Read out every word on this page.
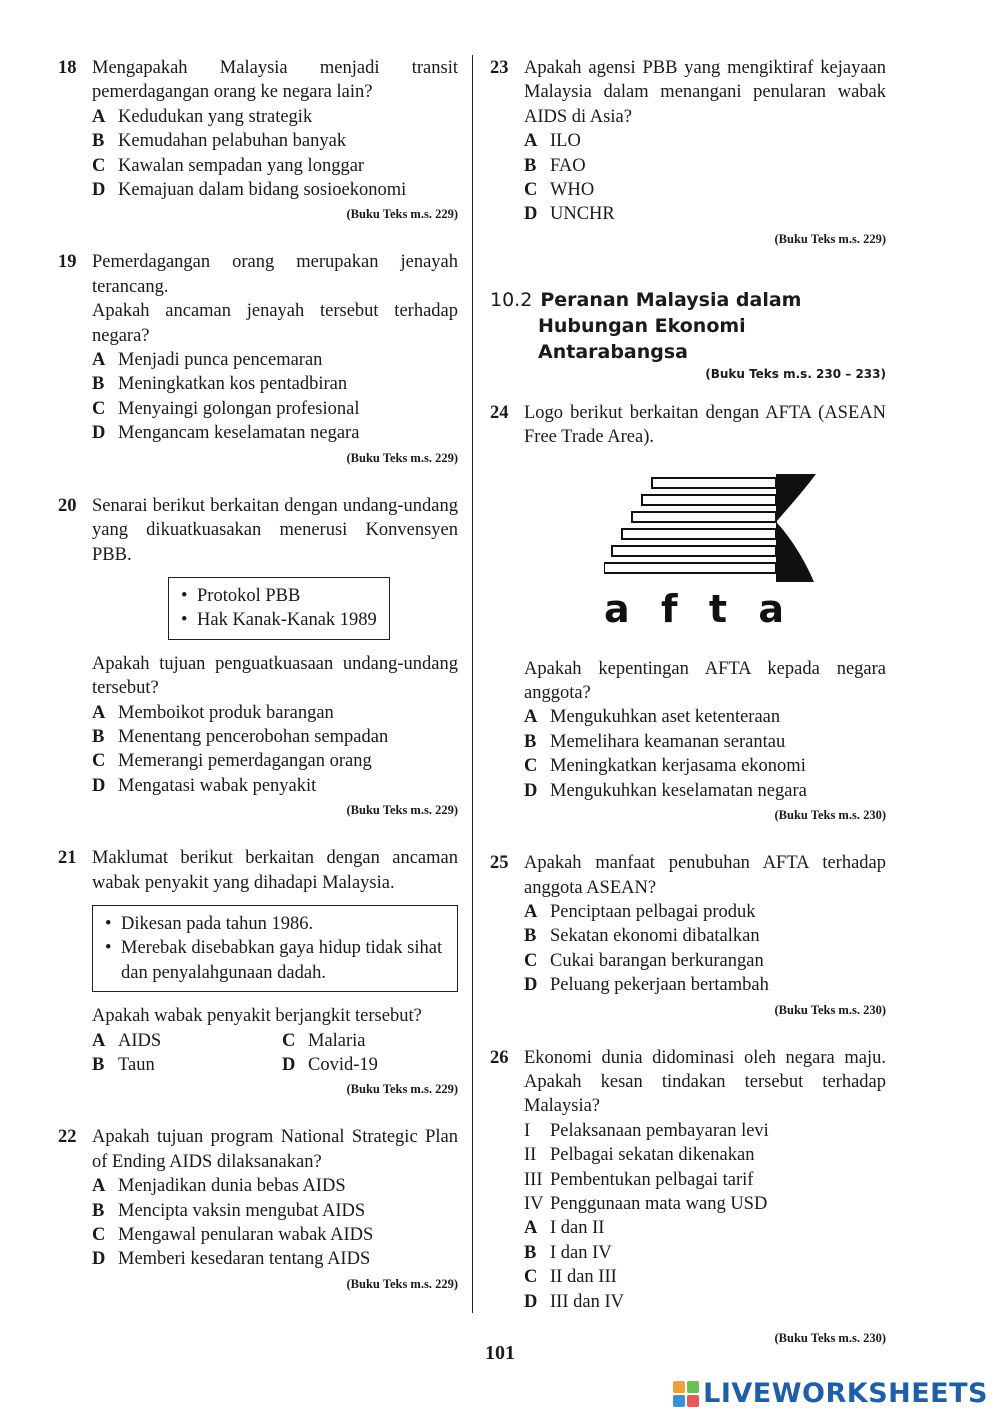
18 Mengapakah Malaysia menjadi transit pemerdagangan orang ke negara lain?
A Kedudukan yang strategik
B Kemudahan pelabuhan banyak
C Kawalan sempadan yang longgar
D Kemajuan dalam bidang sosioekonomi
(Buku Teks m.s. 229)
19 Pemerdagangan orang merupakan jenayah terancang.
Apakah ancaman jenayah tersebut terhadap negara?
A Menjadi punca pencemaran
B Meningkatkan kos pentadbiran
C Menyaingi golongan profesional
D Mengancam keselamatan negara
(Buku Teks m.s. 229)
20 Senarai berikut berkaitan dengan undang-undang yang dikuatkuasakan menerusi Konvensyen PBB.
• Protokol PBB
• Hak Kanak-Kanak 1989
Apakah tujuan penguatkuasaan undang-undang tersebut?
A Memboikot produk barangan
B Menentang pencerobohan sempadan
C Memerangi pemerdagangan orang
D Mengatasi wabak penyakit
(Buku Teks m.s. 229)
21 Maklumat berikut berkaitan dengan ancaman wabak penyakit yang dihadapi Malaysia.
• Dikesan pada tahun 1986.
• Merebak disebabkan gaya hidup tidak sihat dan penyalahgunaan dadah.
Apakah wabak penyakit berjangkit tersebut?
A AIDS	C Malaria
B Taun	D Covid-19
(Buku Teks m.s. 229)
22 Apakah tujuan program National Strategic Plan of Ending AIDS dilaksanakan?
A Menjadikan dunia bebas AIDS
B Mencipta vaksin mengubat AIDS
C Mengawal penularan wabak AIDS
D Memberi kesedaran tentang AIDS
(Buku Teks m.s. 229)
23 Apakah agensi PBB yang mengiktiraf kejayaan Malaysia dalam menangani penularan wabak AIDS di Asia?
A ILO
B FAO
C WHO
D UNCHR
(Buku Teks m.s. 229)
10.2 Peranan Malaysia dalam
Hubungan Ekonomi Antarabangsa
(Buku Teks m.s. 230 – 233)
24 Logo berikut berkaitan dengan AFTA (ASEAN Free Trade Area).
a f t a
Apakah kepentingan AFTA kepada negara anggota?
A Mengukuhkan aset ketenteraan
B Memelihara keamanan serantau
C Meningkatkan kerjasama ekonomi
D Mengukuhkan keselamatan negara
(Buku Teks m.s. 230)
25 Apakah manfaat penubuhan AFTA terhadap anggota ASEAN?
A Penciptaan pelbagai produk
B Sekatan ekonomi dibatalkan
C Cukai barangan berkurangan
D Peluang pekerjaan bertambah
(Buku Teks m.s. 230)
26 Ekonomi dunia didominasi oleh negara maju. Apakah kesan tindakan tersebut terhadap Malaysia?
I	Pelaksanaan pembayaran levi
II Pelbagai sekatan dikenakan
III Pembentukan pelbagai tarif
IV Penggunaan mata wang USD
A I dan II
B I dan IV
C II dan III
D III dan IV
(Buku Teks m.s. 230)
101
LIVEWORKSHEETS
